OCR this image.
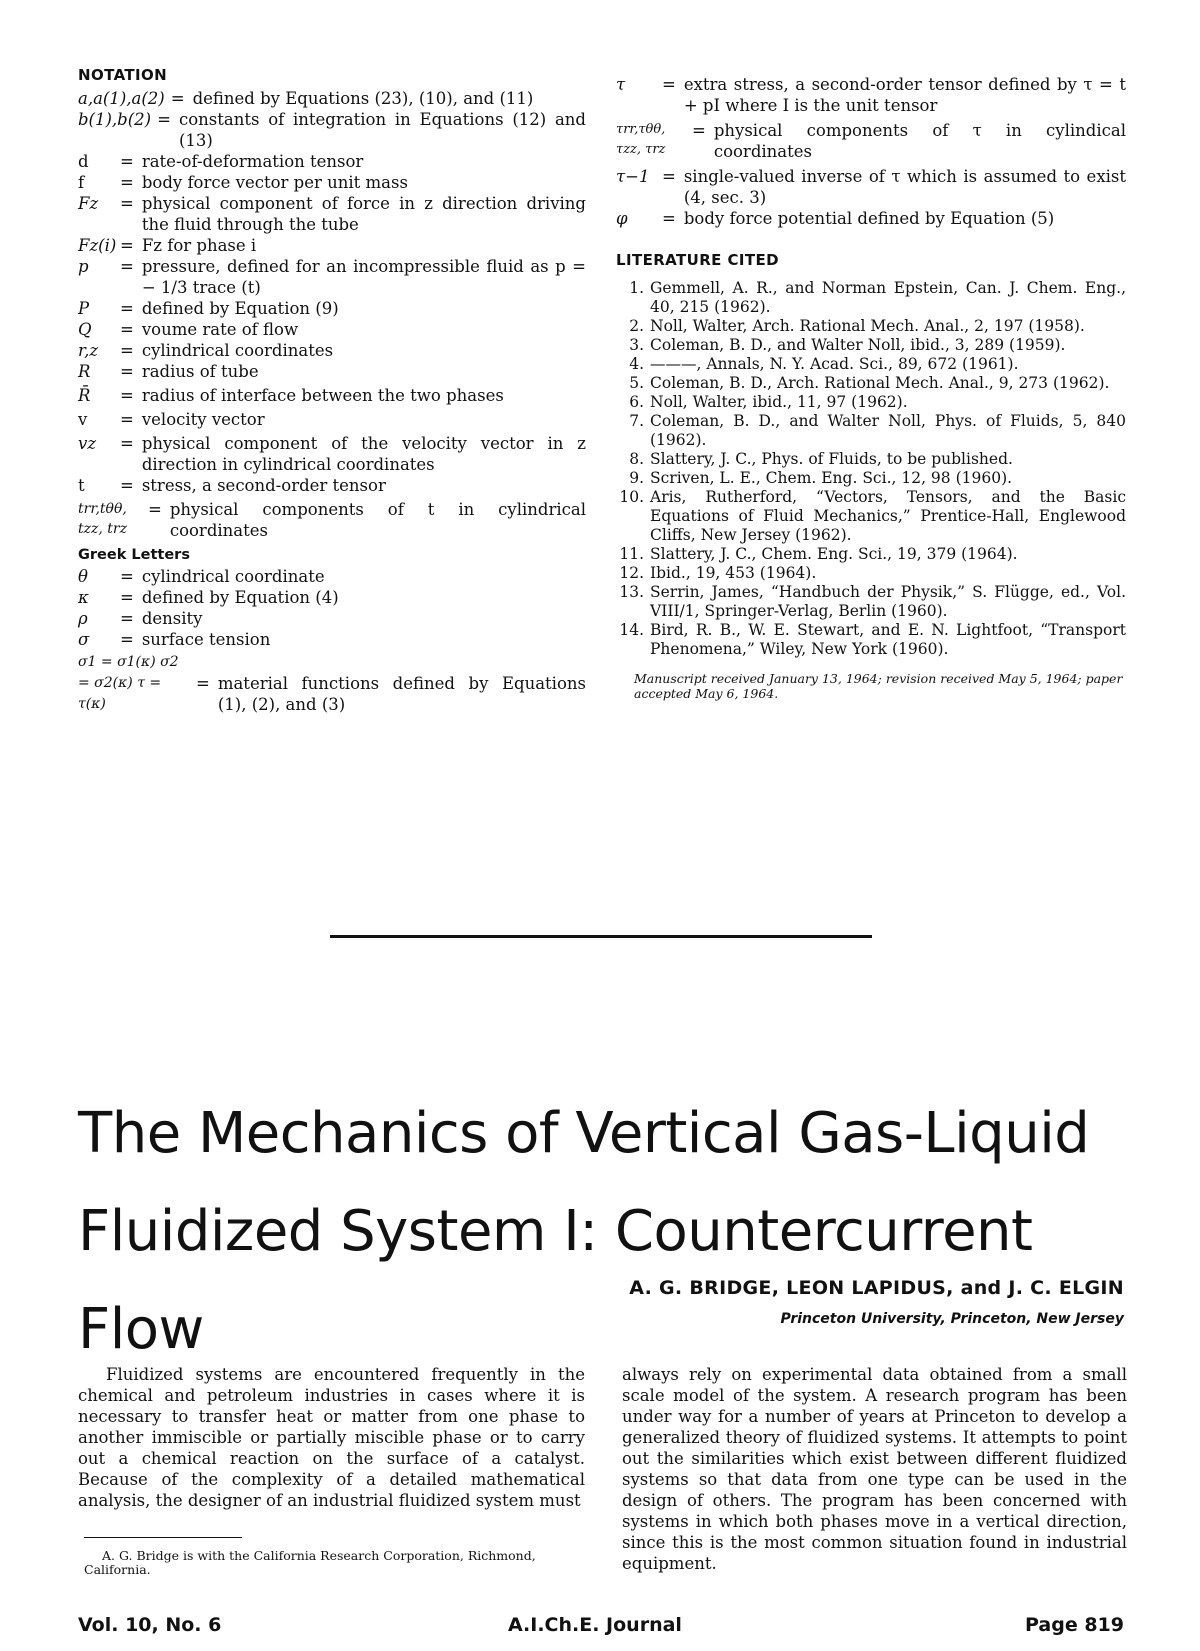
NOTATION
a,a(1),a(2) = defined by Equations (23), (10), and (11)
b(1),b(2) = constants of integration in Equations (12) and (13)
d	= rate-of-deformation tensor
f	= body force vector per unit mass
Fz	= physical component of force in z direction driving the fluid through the tube
Fz(i) = Fz for phase i
p	= pressure, defined for an incompressible fluid as p = − 1/3 trace (t)
P	= defined by Equation (9)
Q	= voume rate of flow
r,z	= cylindrical coordinates
R	= radius of tube
R̄	= radius of interface between the two phases
v	= velocity vector
vz	= physical component of the velocity vector in z direction in cylindrical coordinates
t	= stress, a second-order tensor
trr,tθθ, tzz, trz
= physical components of t in cylindrical coordinates
Greek Letters
θ	= cylindrical coordinate
κ	= defined by Equation (4)
ρ	= density
σ	= surface tension
σ1 = σ1(κ) σ2 = σ2(κ) τ = τ(κ)
= material functions defined by Equations (1), (2), and (3)
τ	= extra stress, a second-order tensor defined by τ = t + pI where I is the unit tensor
τrr,τθθ, τzz, τrz
= physical components of τ in cylindical coordinates
τ−1 = single-valued inverse of τ which is assumed to exist (4, sec. 3)
φ	= body force potential defined by Equation (5)
LITERATURE CITED
1. Gemmell, A. R., and Norman Epstein, Can. J. Chem. Eng., 40, 215 (1962).
2. Noll, Walter, Arch. Rational Mech. Anal., 2, 197 (1958).
3. Coleman, B. D., and Walter Noll, ibid., 3, 289 (1959).
4. ———, Annals, N. Y. Acad. Sci., 89, 672 (1961).
5. Coleman, B. D., Arch. Rational Mech. Anal., 9, 273 (1962).
6. Noll, Walter, ibid., 11, 97 (1962).
7. Coleman, B. D., and Walter Noll, Phys. of Fluids, 5, 840 (1962).
8. Slattery, J. C., Phys. of Fluids, to be published.
9. Scriven, L. E., Chem. Eng. Sci., 12, 98 (1960).
10. Aris, Rutherford, “Vectors, Tensors, and the Basic Equations of Fluid Mechanics,” Prentice-Hall, Englewood Cliffs, New Jersey (1962).
11. Slattery, J. C., Chem. Eng. Sci., 19, 379 (1964).
12. Ibid., 19, 453 (1964).
13. Serrin, James, “Handbuch der Physik,” S. Flügge, ed., Vol. VIII/1, Springer-Verlag, Berlin (1960).
14. Bird, R. B., W. E. Stewart, and E. N. Lightfoot, “Transport Phenomena,” Wiley, New York (1960).
Manuscript received January 13, 1964; revision received May 5, 1964; paper accepted May 6, 1964.
The Mechanics of Vertical Gas-Liquid
Fluidized System I: Countercurrent Flow
A. G. BRIDGE, LEON LAPIDUS, and J. C. ELGIN
Princeton University, Princeton, New Jersey
Fluidized systems are encountered frequently in the chemical and petroleum industries in cases where it is necessary to transfer heat or matter from one phase to another immiscible or partially miscible phase or to carry out a chemical reaction on the surface of a catalyst. Because of the complexity of a detailed mathematical analysis, the designer of an industrial fluidized system must
always rely on experimental data obtained from a small scale model of the system. A research program has been under way for a number of years at Princeton to develop a generalized theory of fluidized systems. It attempts to point out the similarities which exist between different fluidized systems so that data from one type can be used in the design of others. The program has been concerned with systems in which both phases move in a vertical direction, since this is the most common situation found in industrial equipment.
A. G. Bridge is with the California Research Corporation, Richmond, California.
Vol. 10, No. 6	A.I.Ch.E. Journal	Page 819
